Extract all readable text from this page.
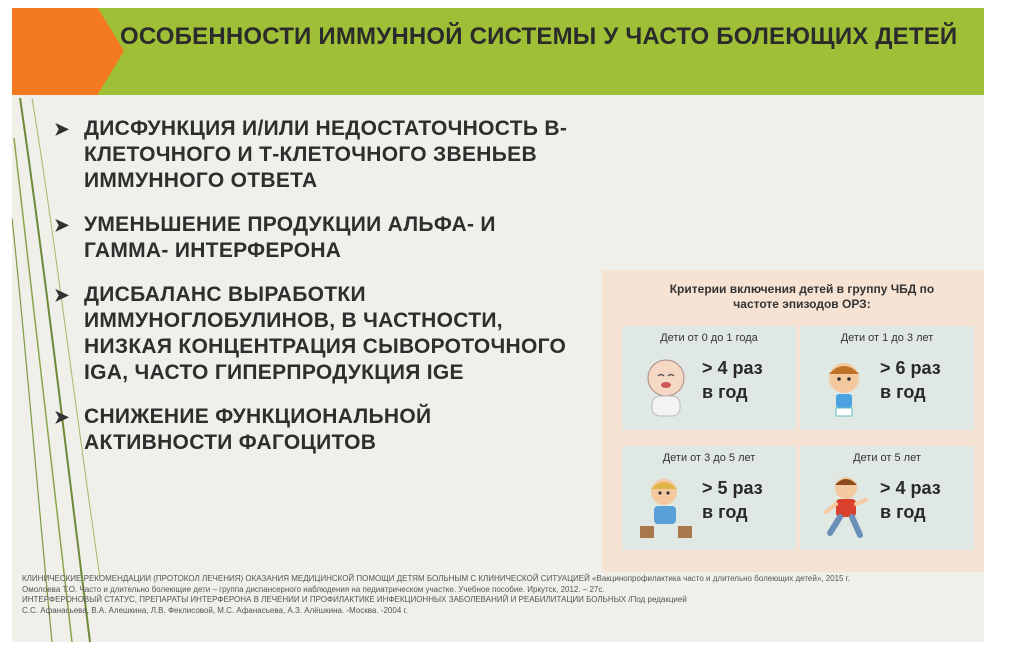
ОСОБЕННОСТИ ИММУННОЙ СИСТЕМЫ У ЧАСТО БОЛЕЮЩИХ ДЕТЕЙ
➤ ДИСФУНКЦИЯ И/ИЛИ НЕДОСТАТОЧНОСТЬ В-КЛЕТОЧНОГО И Т-КЛЕТОЧНОГО ЗВЕНЬЕВ ИММУННОГО ОТВЕТА
➤ УМЕНЬШЕНИЕ ПРОДУКЦИИ АЛЬФА- И ГАММА- ИНТЕРФЕРОНА
➤ ДИСБАЛАНС ВЫРАБОТКИ ИММУНОГЛОБУЛИНОВ, В ЧАСТНОСТИ, НИЗКАЯ КОНЦЕНТРАЦИЯ СЫВОРОТОЧНОГО IGA, ЧАСТО ГИПЕРПРОДУКЦИЯ IGE
➤ СНИЖЕНИЕ ФУНКЦИОНАЛЬНОЙ АКТИВНОСТИ ФАГОЦИТОВ

Критерии включения детей в группу ЧБД по частоте эпизодов ОРЗ:

Дети от 0 до 1 года
> 4 раз
в год
Дети от 1 до 3 лет
> 6 раз
в год
Дети от 3 до 5 лет
> 5 раз
в год
Дети от 5 лет
> 4 раз
в год

КЛИНИЧЕСКИЕ РЕКОМЕНДАЦИИ (ПРОТОКОЛ ЛЕЧЕНИЯ) ОКАЗАНИЯ МЕДИЦИНСКОЙ ПОМОЩИ ДЕТЯМ БОЛЬНЫМ С КЛИНИЧЕСКОЙ СИТУАЦИЕЙ «Вакцинопрофилактика часто и длительно болеющих детей», 2015 г.

Омолоева Т.О. Часто и длительно болеющие дети – группа диспансерного наблюдения на педиатрическом участке. Учебное пособие. Иркутск, 2012. – 27с.

ИНТЕРФЕРОНОВЫЙ СТАТУС, ПРЕПАРАТЫ ИНТЕРФЕРОНА В ЛЕЧЕНИИ И ПРОФИЛАКТИКЕ ИНФЕКЦИОННЫХ ЗАБОЛЕВАНИЙ И РЕАБИЛИТАЦИИ БОЛЬНЫХ /Под редакцией

С.С. Афанасьева, В.А. Алешкина, Л.В. Феклисовой, М.С. Афанасьева, А.З. Алёшкина. -Москва. -2004 г.
